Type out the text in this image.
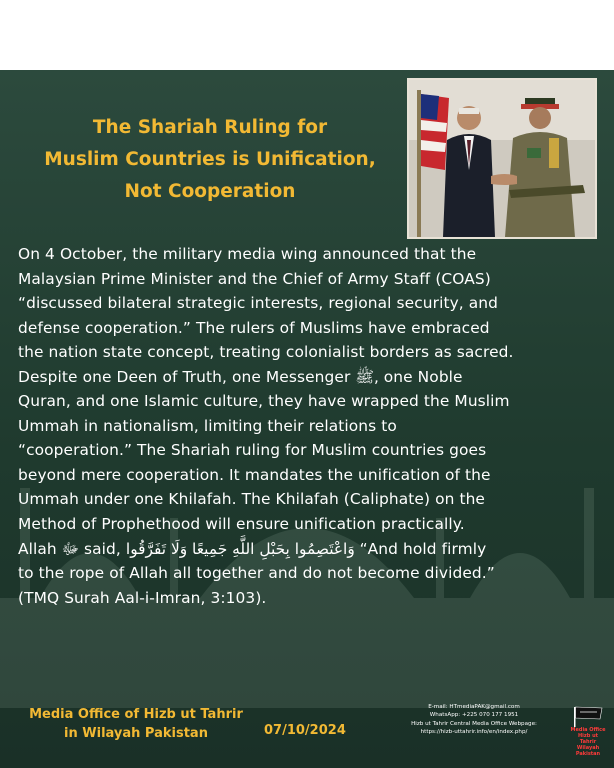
The Shariah Ruling for
Muslim Countries is Unification,
Not Cooperation

On 4 October, the military media wing announced that the

Malaysian Prime Minister and the Chief of Army Staff (COAS)

“discussed bilateral strategic interests, regional security, and

defense cooperation.” The rulers of Muslims have embraced

the nation state concept, treating colonialist borders as sacred.

Despite one Deen of Truth, one Messenger ﷺ, one Noble

Quran, and one Islamic culture, they have wrapped the Muslim

Ummah in nationalism, limiting their relations to

“cooperation.” The Shariah ruling for Muslim countries goes

beyond mere cooperation. It mandates the unification of the

Ummah under one Khilafah. The Khilafah (Caliphate) on the

Method of Prophethood will ensure unification practically.

Allah ﷻ said, وَاعْتَصِمُوا بِحَبْلِ اللَّهِ جَمِيعًا وَلَا تَفَرَّقُوا “And hold firmly

to the rope of Allah all together and do not become divided.”

(TMQ Surah Aal-i-Imran, 3:103).

Media Office of Hizb ut Tahrir
in Wilayah Pakistan	07/10/2024
E-mail: HTmediaPAK@gmail.com
WhatsApp: +225 070 177 1951
Hizb ut Tahrir Central Media Office Webpage:
https://hizb-uttahrir.info/en/index.php/	Media Office
Hizb ut Tahrir
Wilayah Pakistan
